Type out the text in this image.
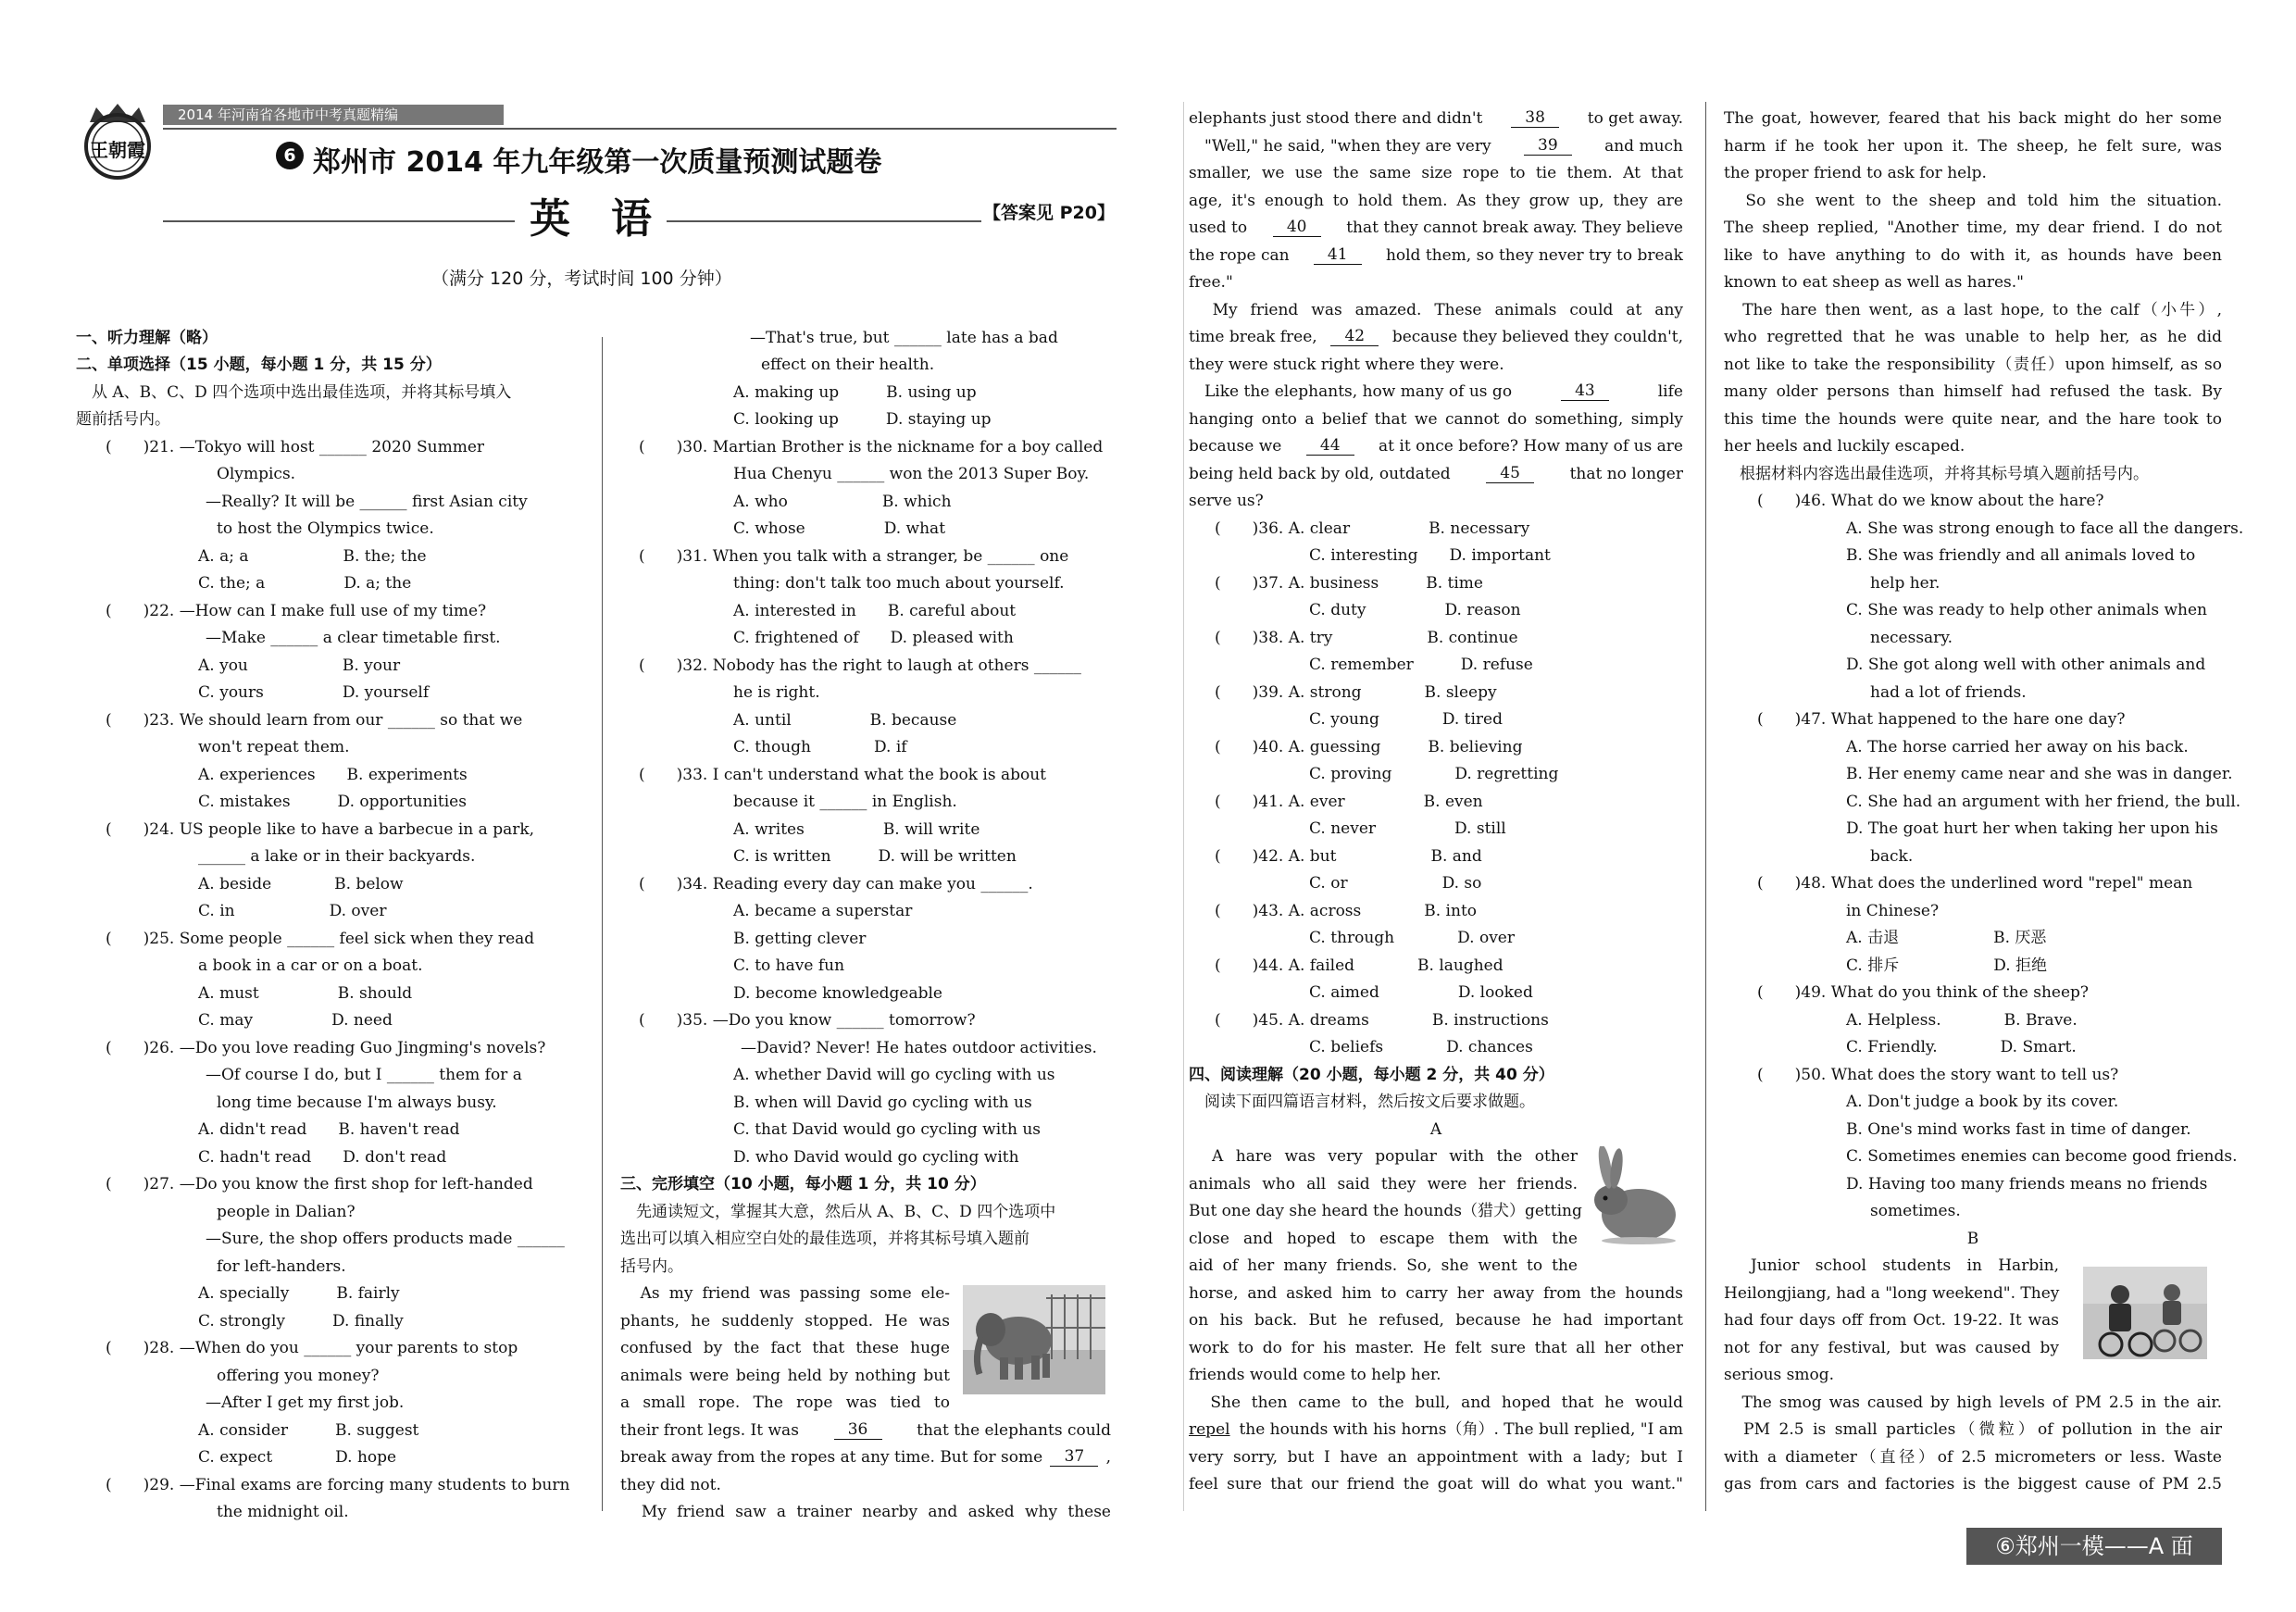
王朝霞
2014 年河南省各地市中考真题精编
6 郑州市 2014 年九年级第一次质量预测试题卷
英　语	【答案见 P20】
（满分 120 分，考试时间 100 分钟）
一、听力理解（略）
二、单项选择（15 小题，每小题 1 分，共 15 分）
　从 A、B、C、D 四个选项中选出最佳选项，并将其标号填入
题前括号内。
(　　)21. —Tokyo will host ______ 2020 Summer
Olympics.
—Really? It will be ______ first Asian city
to host the Olympics twice.
A. a; a　　　　　　B. the; the
C. the; a　　　　　D. a; the
(　　)22. —How can I make full use of my time?
—Make ______ a clear timetable first.
A. you　　　　　　B. your
C. yours　　　　　D. yourself
(　　)23. We should learn from our ______ so that we
won't repeat them.
A. experiences　　B. experiments
C. mistakes　　　D. opportunities
(　　)24. US people like to have a barbecue in a park,
______ a lake or in their backyards.
A. beside　　　　B. below
C. in　　　　　　D. over
(　　)25. Some people ______ feel sick when they read
a book in a car or on a boat.
A. must　　　　　B. should
C. may　　　　　D. need
(　　)26. —Do you love reading Guo Jingming's novels?
—Of course I do, but I ______ them for a
long time because I'm always busy.
A. didn't read　　B. haven't read
C. hadn't read　　D. don't read
(　　)27. —Do you know the first shop for left-handed
people in Dalian?
—Sure, the shop offers products made ______
for left-handers.
A. specially　　　B. fairly
C. strongly　　　D. finally
(　　)28. —When do you ______ your parents to stop
offering you money?
—After I get my first job.
A. consider　　　B. suggest
C. expect　　　　D. hope
(　　)29. —Final exams are forcing many students to burn
the midnight oil.
—That's true, but ______ late has a bad
effect on their health.
A. making up　　　B. using up
C. looking up　　　D. staying up
(　　)30. Martian Brother is the nickname for a boy called
Hua Chenyu ______ won the 2013 Super Boy.
A. who　　　　　　B. which
C. whose　　　　　D. what
(　　)31. When you talk with a stranger, be ______ one
thing: don't talk too much about yourself.
A. interested in　　B. careful about
C. frightened of　　D. pleased with
(　　)32. Nobody has the right to laugh at others ______
he is right.
A. until　　　　　B. because
C. though　　　　D. if
(　　)33. I can't understand what the book is about
because it ______ in English.
A. writes　　　　　B. will write
C. is written　　　D. will be written
(　　)34. Reading every day can make you ______.
A. became a superstar
B. getting clever
C. to have fun
D. become knowledgeable
(　　)35. —Do you know ______ tomorrow?
—David? Never! He hates outdoor activities.
A. whether David will go cycling with us
B. when will David go cycling with us
C. that David would go cycling with us
D. who David would go cycling with
三、完形填空（10 小题，每小题 1 分，共 10 分）
　先通读短文，掌握其大意，然后从 A、B、C、D 四个选项中
选出可以填入相应空白处的最佳选项，并将其标号填入题前
括号内。
　As my friend was passing some ele-
phants, he suddenly stopped. He was
confused by the fact that these huge
animals were being held by nothing but
a small rope. The rope was tied to
their front legs. It was	36	that the elephants could
break away from the ropes at any time. But for some	37	,
they did not.
　My friend saw a trainer nearby and asked why these
elephants just stood there and didn't	38	to get away.
　"Well," he said, "when they are very	39	and much
smaller, we use the same size rope to tie them. At that
age, it's enough to hold them. As they grow up, they are
used to	40	that they cannot break away. They believe
the rope can	41	hold them, so they never try to break
free."
　My friend was amazed. These animals could at any
time break free,	42	because they believed they couldn't,
they were stuck right where they were.
　Like the elephants, how many of us go	43	life
hanging onto a belief that we cannot do something, simply
because we	44	at it once before? How many of us are
being held back by old, outdated	45	that no longer
serve us?
(　　)36. A. clear　　　　　B. necessary
C. interesting　　D. important
(　　)37. A. business　　　B. time
C. duty　　　　　D. reason
(　　)38. A. try　　　　　　B. continue
C. remember　　　D. refuse
(　　)39. A. strong　　　　B. sleepy
C. young　　　　D. tired
(　　)40. A. guessing　　　B. believing
C. proving　　　　D. regretting
(　　)41. A. ever　　　　　B. even
C. never　　　　　D. still
(　　)42. A. but　　　　　　B. and
C. or　　　　　　D. so
(　　)43. A. across　　　　B. into
C. through　　　　D. over
(　　)44. A. failed　　　　B. laughed
C. aimed　　　　　D. looked
(　　)45. A. dreams　　　　B. instructions
C. beliefs　　　　D. chances
四、阅读理解（20 小题，每小题 2 分，共 40 分）
　阅读下面四篇语言材料，然后按文后要求做题。
A
　A hare was very popular with the other
animals who all said they were her friends.
But one day she heard the hounds（猎犬）getting
close and hoped to escape them with the
aid of her many friends. So, she went to the
horse, and asked him to carry her away from the hounds
on his back. But he refused, because he had important
work to do for his master. He felt sure that all her other
friends would come to help her.
　She then came to the bull, and hoped that he would
repel the hounds with his horns（角）. The bull replied, "I am
very sorry, but I have an appointment with a lady; but I
feel sure that our friend the goat will do what you want."
The goat, however, feared that his back might do her some
harm if he took her upon it. The sheep, he felt sure, was
the proper friend to ask for help.
　So she went to the sheep and told him the situation.
The sheep replied, "Another time, my dear friend. I do not
like to have anything to do with it, as hounds have been
known to eat sheep as well as hares."
　The hare then went, as a last hope, to the calf（小牛）,
who regretted that he was unable to help her, as he did
not like to take the responsibility（责任）upon himself, as so
many older persons than himself had refused the task. By
this time the hounds were quite near, and the hare took to
her heels and luckily escaped.
　根据材料内容选出最佳选项，并将其标号填入题前括号内。
(　　)46. What do we know about the hare?
A. She was strong enough to face all the dangers.
B. She was friendly and all animals loved to
help her.
C. She was ready to help other animals when
necessary.
D. She got along well with other animals and
had a lot of friends.
(　　)47. What happened to the hare one day?
A. The horse carried her away on his back.
B. Her enemy came near and she was in danger.
C. She had an argument with her friend, the bull.
D. The goat hurt her when taking her upon his
back.
(　　)48. What does the underlined word "repel" mean
in Chinese?
A. 击退　　　　　　B. 厌恶
C. 排斥　　　　　　D. 拒绝
(　　)49. What do you think of the sheep?
A. Helpless.　　　　B. Brave.
C. Friendly.　　　　D. Smart.
(　　)50. What does the story want to tell us?
A. Don't judge a book by its cover.
B. One's mind works fast in time of danger.
C. Sometimes enemies can become good friends.
D. Having too many friends means no friends
sometimes.
B
　Junior school students in Harbin,
Heilongjiang, had a "long weekend". They
had four days off from Oct. 19-22. It was
not for any festival, but was caused by
serious smog.
　The smog was caused by high levels of PM 2.5 in the air.
　PM 2.5 is small particles（微粒）of pollution in the air
with a diameter（直径）of 2.5 micrometers or less. Waste
gas from cars and factories is the biggest cause of PM 2.5
⑥郑州一模——A 面
